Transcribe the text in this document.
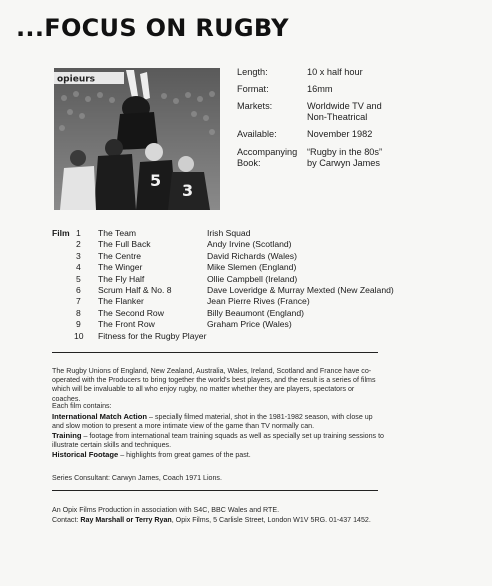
...FOCUS ON RUGBY
opieurs
5
3
Length:	10 x half hour
Format:	16mm
Markets:	Worldwide TV and Non-Theatrical
Available:	November 1982
Accompanying Book:
“Rugby in the 80s” by Carwyn James
Film 1	The Team	Irish Squad
2	The Full Back	Andy Irvine (Scotland)
3	The Centre	David Richards (Wales)
4	The Winger	Mike Slemen (England)
5	The Fly Half	Ollie Campbell (Ireland)
6	Scrum Half & No. 8	Dave Loveridge & Murray Mexted (New Zealand)
7	The Flanker	Jean Pierre Rives (France)
8	The Second Row	Billy Beaumont (England)
9	The Front Row	Graham Price (Wales)
10	Fitness for the Rugby Player

The Rugby Unions of England, New Zealand, Australia, Wales, Ireland, Scotland and France have co-operated with the Producers to bring together the world's best players, and the result is a series of films which will be invaluable to all who enjoy rugby, no matter whether they are players, spectators or coaches.

Each film contains:
International Match Action – specially filmed material, shot in the 1981-1982 season, with close up and slow motion to present a more intimate view of the game than TV normally can.
Training – footage from international team training squads as well as specially set up training sessions to illustrate certain skills and techniques.
Historical Footage – highlights from great games of the past.
Series Consultant: Carwyn James, Coach 1971 Lions.
An Opix Films Production in association with S4C, BBC Wales and RTE.
Contact: Ray Marshall or Terry Ryan, Opix Films, 5 Carlisle Street, London W1V 5RG. 01-437 1452.
